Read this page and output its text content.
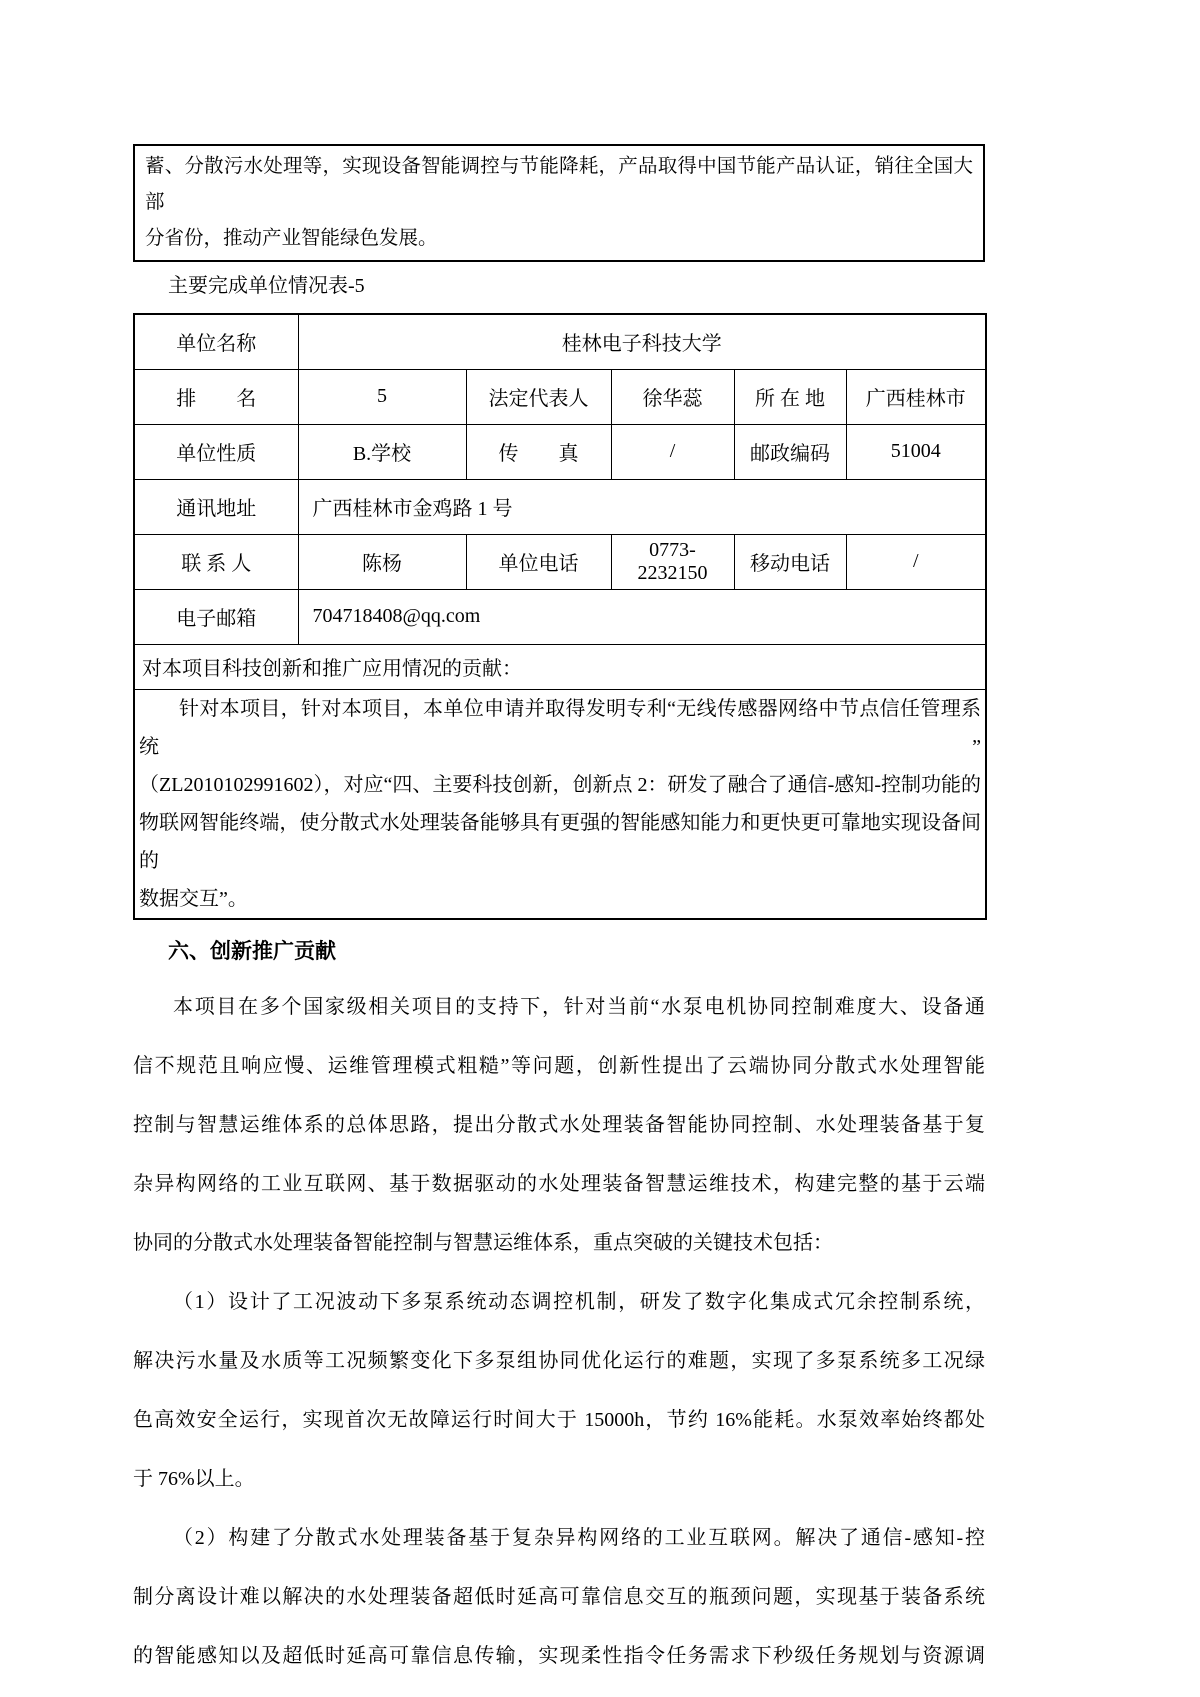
蓄、分散污水处理等，实现设备智能调控与节能降耗，产品取得中国节能产品认证，销往全国大部
分省份，推动产业智能绿色发展。
主要完成单位情况表-5
单位名称	桂林电子科技大学				
排　　名	5	法定代表人	徐华蕊	所 在 地	广西桂林市
单位性质	B.学校	传　　真	/	邮政编码	51004
通讯地址	广西桂林市金鸡路 1 号				
联 系 人	陈杨	单位电话	0773-2232150	移动电话	/
电子邮箱	704718408@qq.com				
对本项目科技创新和推广应用情况的贡献：					

针对本项目，针对本项目，本单位申请并取得发明专利“无线传感器网络中节点信任管理系统”
（ZL2010102991602），对应“四、主要科技创新，创新点 2：研发了融合了通信-感知-控制功能的
物联网智能终端，使分散式水处理装备能够具有更强的智能感知能力和更快更可靠地实现设备间的
数据交互”。					
六、创新推广贡献
本项目在多个国家级相关项目的支持下，针对当前“水泵电机协同控制难度大、设备通
信不规范且响应慢、运维管理模式粗糙”等问题，创新性提出了云端协同分散式水处理智能
控制与智慧运维体系的总体思路，提出分散式水处理装备智能协同控制、水处理装备基于复
杂异构网络的工业互联网、基于数据驱动的水处理装备智慧运维技术，构建完整的基于云端
协同的分散式水处理装备智能控制与智慧运维体系，重点突破的关键技术包括：
（1）设计了工况波动下多泵系统动态调控机制，研发了数字化集成式冗余控制系统，
解决污水量及水质等工况频繁变化下多泵组协同优化运行的难题，实现了多泵系统多工况绿
色高效安全运行，实现首次无故障运行时间大于 15000h，节约 16%能耗。水泵效率始终都处
于 76%以上。
（2）构建了分散式水处理装备基于复杂异构网络的工业互联网。解决了通信-感知-控
制分离设计难以解决的水处理装备超低时延高可靠信息交互的瓶颈问题，实现基于装备系统
的智能感知以及超低时延高可靠信息传输，实现柔性指令任务需求下秒级任务规划与资源调
